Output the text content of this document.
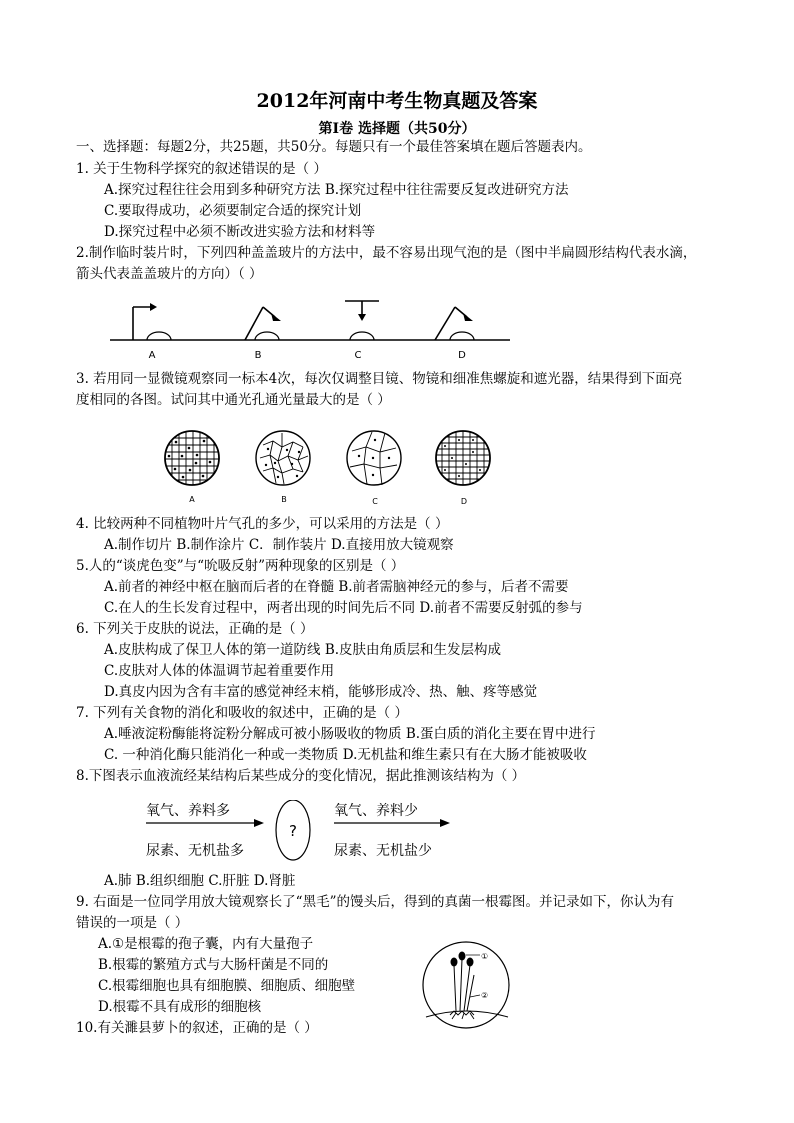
2012年河南中考生物真题及答案
第Ⅰ卷 选择题（共50分）
一、选择题：每题2分，共25题，共50分。每题只有一个最佳答案填在题后答题表内。
1. 关于生物科学探究的叙述错误的是（ ）
A.探究过程往往会用到多种研究方法 B.探究过程中往往需要反复改进研究方法
C.要取得成功，必须要制定合适的探究计划
D.探究过程中必须不断改进实验方法和材料等
2.制作临时装片时，下列四种盖盖玻片的方法中，最不容易出现气泡的是（图中半扁圆形结构代表水滴，
箭头代表盖盖玻片的方向）（ ）
A	B	C	D
3. 若用同一显微镜观察同一标本4次，每次仅调整目镜、物镜和细准焦螺旋和遮光器，结果得到下面亮
度相同的各图。试问其中通光孔通光量最大的是（ ）
A	B	C	D
4. 比较两种不同植物叶片气孔的多少，可以采用的方法是（ ）
A.制作切片 B.制作涂片 C．制作装片 D.直接用放大镜观察
5.人的“谈虎色变”与“吮吸反射”两种现象的区别是（ ）
A.前者的神经中枢在脑而后者的在脊髓 B.前者需脑神经元的参与，后者不需要
C.在人的生长发育过程中，两者出现的时间先后不同 D.前者不需要反射弧的参与
6. 下列关于皮肤的说法，正确的是（ ）
A.皮肤构成了保卫人体的第一道防线 B.皮肤由角质层和生发层构成
C.皮肤对人体的体温调节起着重要作用
D.真皮内因为含有丰富的感觉神经末梢，能够形成冷、热、触、疼等感觉
7. 下列有关食物的消化和吸收的叙述中，正确的是（ ）
A.唾液淀粉酶能将淀粉分解成可被小肠吸收的物质 B.蛋白质的消化主要在胃中进行
C. 一种消化酶只能消化一种或一类物质 D.无机盐和维生素只有在大肠才能被吸收
8.下图表示血液流经某结构后某些成分的变化情况，据此推测该结构为（ ）
氧气、养料多
尿素、无机盐多
?
氧气、养料少
尿素、无机盐少
A.肺 B.组织细胞 C.肝脏 D.肾脏
9. 右面是一位同学用放大镜观察长了“黑毛”的馒头后，得到的真菌一根霉图。并记录如下，你认为有
错误的一项是（ ）
A.①是根霉的孢子囊，内有大量孢子
B.根霉的繁殖方式与大肠杆菌是不同的
C.根霉细胞也具有细胞膜、细胞质、细胞壁
D.根霉不具有成形的细胞核
①
②
10.有关濉县萝卜的叙述，正确的是（ ）
